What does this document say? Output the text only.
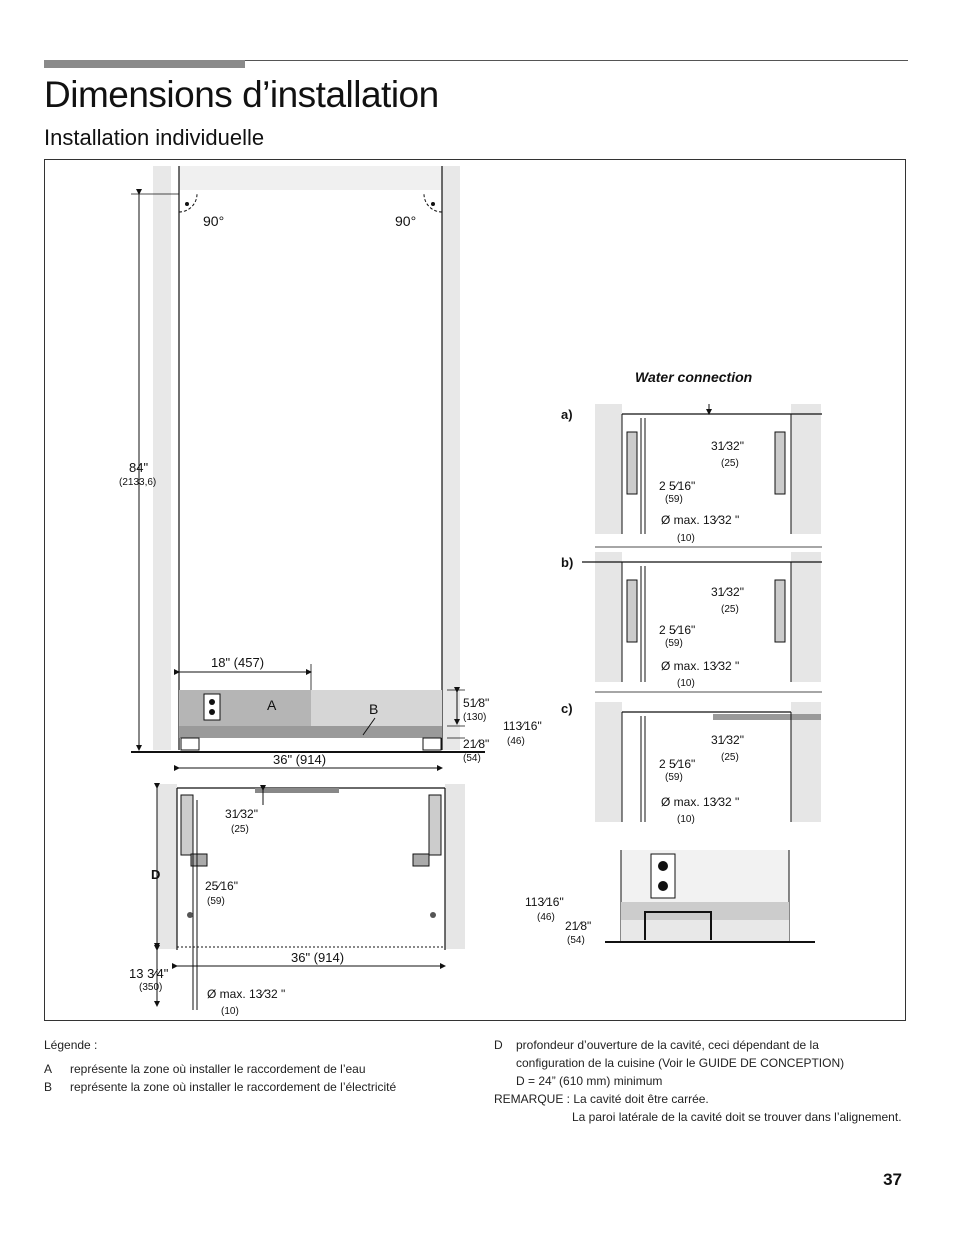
Dimensions d’installation
Installation individuelle
90°	90°
84"
(2133,6)
A	B
18" (457)
36" (914)
51⁄8"
(130)
113⁄16"
(46)
21⁄8"
(54)
D
31⁄32"
(25)
25⁄16"
(59)
36" (914)
13 3⁄4"
(350)	Ø max. 13⁄32 "
(10)
Water connection
a)
31⁄32"
(25)
2 5⁄16"
(59)
Ø max. 13⁄32 "
(10)
b)
31⁄32"
(25)
2 5⁄16"
(59)
Ø max. 13⁄32 "
(10)
c)
31⁄32"
(25)
2 5⁄16"
(59)
Ø max. 13⁄32 "
(10)
113⁄16"
(46)
21⁄8"
(54)
Légende :
A représente la zone où installer le raccordement de l’eau
B représente la zone où installer le raccordement de l’électricité
D profondeur d’ouverture de la cavité, ceci dépendant de la
configuration de la cuisine (Voir le GUIDE DE CONCEPTION)
D = 24” (610 mm) minimum
REMARQUE : La cavité doit être carrée.
La paroi latérale de la cavité doit se trouver dans l’alignement.
37
